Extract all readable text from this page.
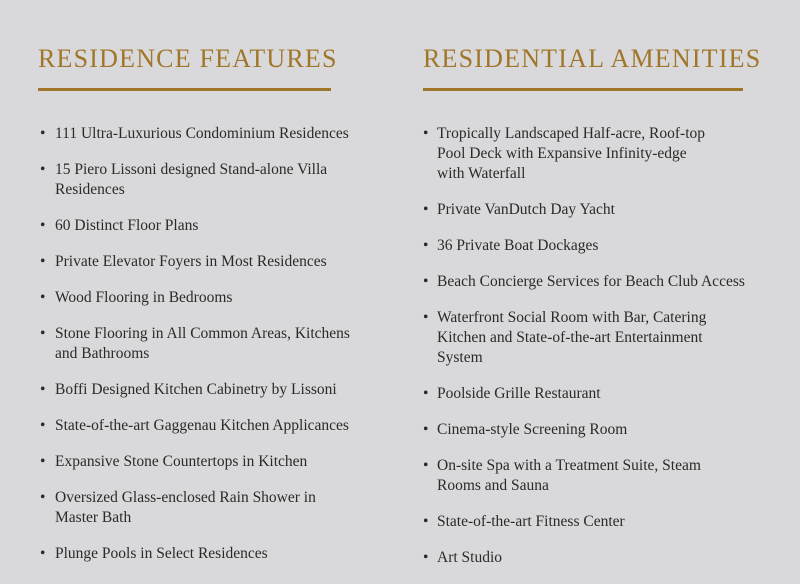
RESIDENCE FEATURES
• 111 Ultra-Luxurious Condominium Residences
• 15 Piero Lissoni designed Stand-alone Villa
Residences
• 60 Distinct Floor Plans
• Private Elevator Foyers in Most Residences
• Wood Flooring in Bedrooms
• Stone Flooring in All Common Areas, Kitchens
and Bathrooms
• Boffi Designed Kitchen Cabinetry by Lissoni
• State-of-the-art Gaggenau Kitchen Applicances
• Expansive Stone Countertops in Kitchen
• Oversized Glass-enclosed Rain Shower in
Master Bath
• Plunge Pools in Select Residences
RESIDENTIAL AMENITIES
• Tropically Landscaped Half-acre, Roof-top
Pool Deck with Expansive Infinity-edge
with Waterfall
• Private VanDutch Day Yacht
• 36 Private Boat Dockages
• Beach Concierge Services for Beach Club Access
• Waterfront Social Room with Bar, Catering
Kitchen and State-of-the-art Entertainment
System
• Poolside Grille Restaurant
• Cinema-style Screening Room
• On-site Spa with a Treatment Suite, Steam
Rooms and Sauna
• State-of-the-art Fitness Center
• Art Studio
